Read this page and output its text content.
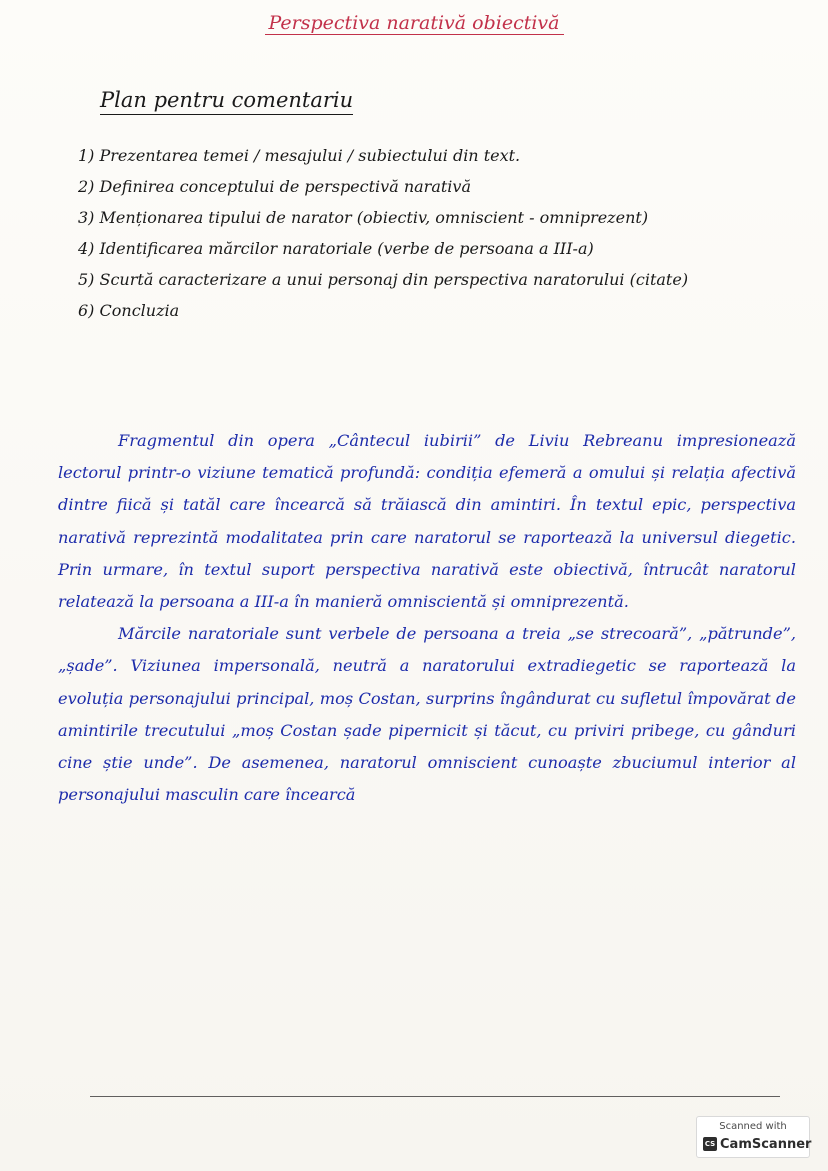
Perspectiva narativă obiectivă
Plan pentru comentariu
1) Prezentarea temei / mesajului / subiectului din text.
2) Definirea conceptului de perspectivă narativă
3) Menționarea tipului de narator (obiectiv, omniscient - omniprezent)
4) Identificarea mărcilor naratoriale (verbe de persoana a III-a)
5) Scurtă caracterizare a unui personaj din perspectiva naratorului (citate)
6) Concluzia

Fragmentul din opera „Cântecul iubirii” de Liviu Rebreanu impresionează lectorul printr-o viziune tematică profundă: condiția efemeră a omului și relația afectivă dintre fiică și tatăl care încearcă să trăiască din amintiri. În textul epic, perspectiva narativă reprezintă modalitatea prin care naratorul se raportează la universul diegetic. Prin urmare, în textul suport perspectiva narativă este obiectivă, întrucât naratorul relatează la persoana a III-a în manieră omniscientă și omniprezentă.

Mărcile naratoriale sunt verbele de persoana a treia „se strecoară”, „pătrunde”, „șade”. Viziunea impersonală, neutră a naratorului extradiegetic se raportează la evoluția personajului principal, moș Costan, surprins îngândurat cu sufletul împovărat de amintirile trecutului „moș Costan șade pipernicit și tăcut, cu priviri pribege, cu gânduri cine știe unde”. De asemenea, naratorul omniscient cunoaște zbuciumul interior al personajului masculin care încearcă

Scanned with
CS CamScanner
